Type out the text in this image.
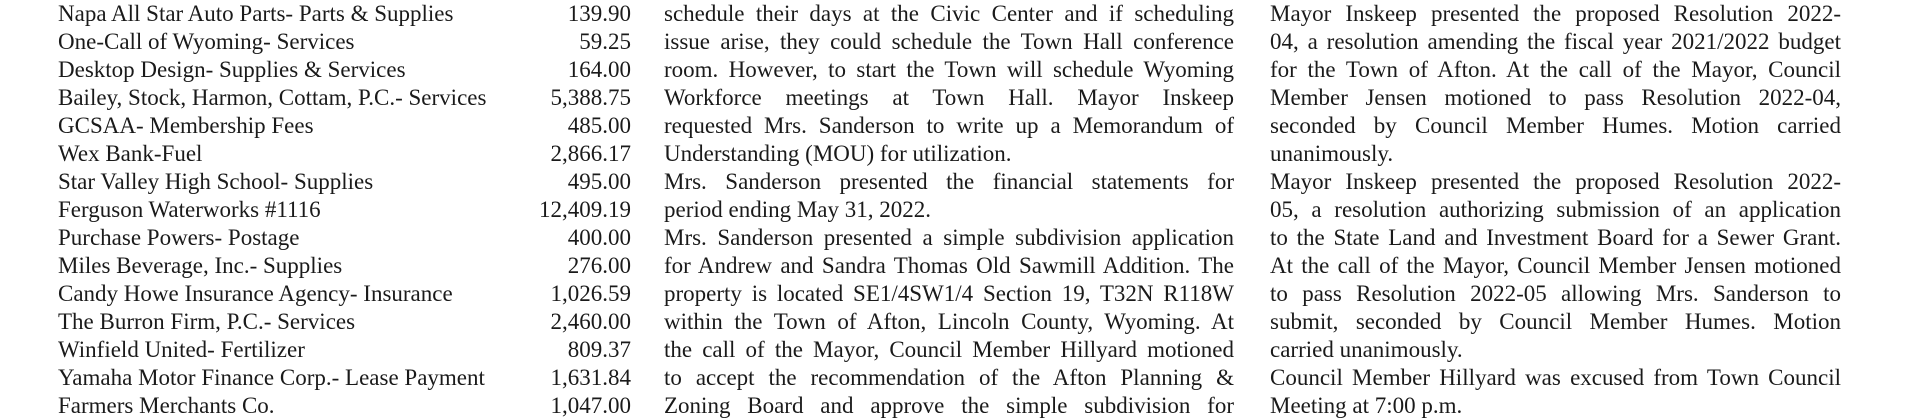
Napa All Star Auto Parts- Parts & Supplies	139.90
One-Call of Wyoming- Services	59.25
Desktop Design- Supplies & Services	164.00
Bailey, Stock, Harmon, Cottam, P.C.- Services	5,388.75
GCSAA- Membership Fees	485.00
Wex Bank-Fuel	2,866.17
Star Valley High School- Supplies	495.00
Ferguson Waterworks #1116	12,409.19
Purchase Powers- Postage	400.00
Miles Beverage, Inc.- Supplies	276.00
Candy Howe Insurance Agency- Insurance	1,026.59
The Burron Firm, P.C.- Services	2,460.00
Winfield United- Fertilizer	809.37
Yamaha Motor Finance Corp.- Lease Payment	1,631.84
Farmers Merchants Co.	1,047.00
schedule their days at the Civic Center and if scheduling
issue arise, they could schedule the Town Hall conference
room. However, to start the Town will schedule Wyoming
Workforce meetings at Town Hall. Mayor Inskeep
requested Mrs. Sanderson to write up a Memorandum of
Understanding (MOU) for utilization.
Mrs. Sanderson presented the financial statements for
period ending May 31, 2022.
Mrs. Sanderson presented a simple subdivision application
for Andrew and Sandra Thomas Old Sawmill Addition. The
property is located SE1/4SW1/4 Section 19, T32N R118W
within the Town of Afton, Lincoln County, Wyoming. At
the call of the Mayor, Council Member Hillyard motioned
to accept the recommendation of the Afton Planning &
Zoning Board and approve the simple subdivision for
Mayor Inskeep presented the proposed Resolution 2022-
04, a resolution amending the fiscal year 2021/2022 budget
for the Town of Afton. At the call of the Mayor, Council
Member Jensen motioned to pass Resolution 2022-04,
seconded by Council Member Humes. Motion carried
unanimously.
Mayor Inskeep presented the proposed Resolution 2022-
05, a resolution authorizing submission of an application
to the State Land and Investment Board for a Sewer Grant.
At the call of the Mayor, Council Member Jensen motioned
to pass Resolution 2022-05 allowing Mrs. Sanderson to
submit, seconded by Council Member Humes. Motion
carried unanimously.
Council Member Hillyard was excused from Town Council
Meeting at 7:00 p.m.
